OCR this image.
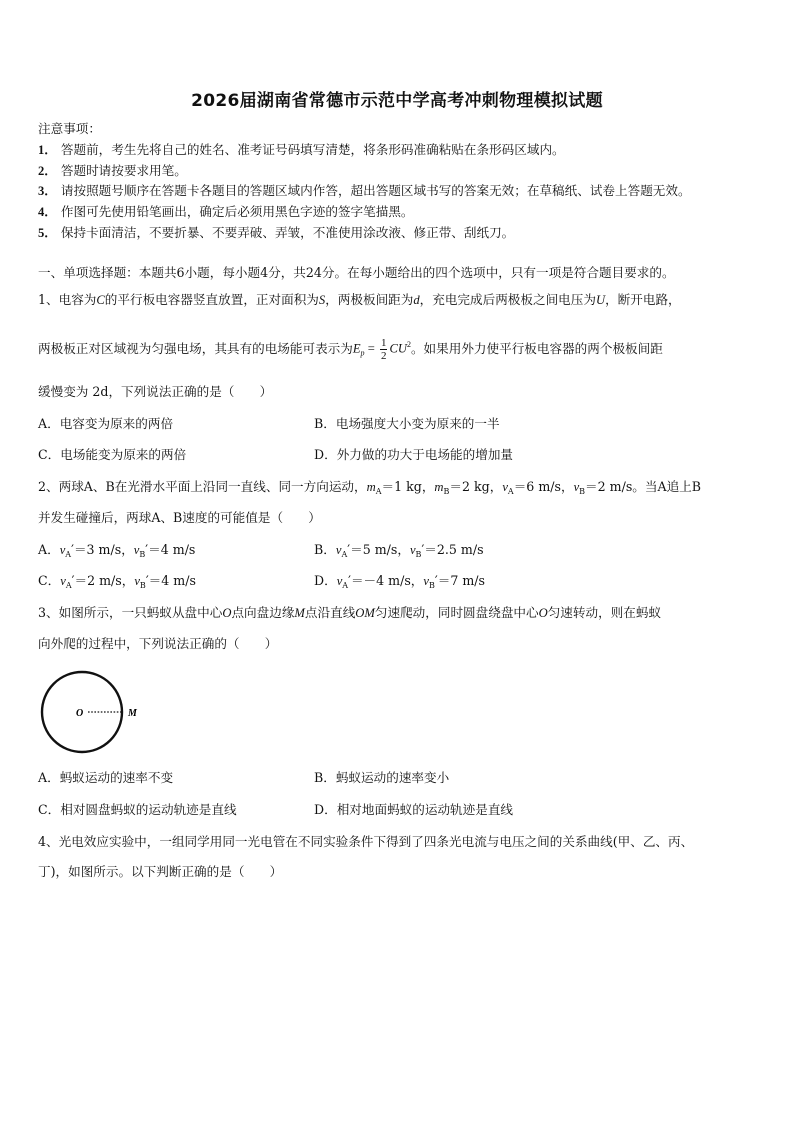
2026届湖南省常德市示范中学高考冲刺物理模拟试题
注意事项：
1． 答题前，考生先将自己的姓名、准考证号码填写清楚，将条形码准确粘贴在条形码区域内。
2． 答题时请按要求用笔。
3． 请按照题号顺序在答题卡各题目的答题区域内作答，超出答题区域书写的答案无效；在草稿纸、试卷上答题无效。
4． 作图可先使用铅笔画出，确定后必须用黑色字迹的签字笔描黑。
5． 保持卡面清洁，不要折暴、不要弄破、弄皱，不准使用涂改液、修正带、刮纸刀。
一、单项选择题：本题共6小题，每小题4分，共24分。在每小题给出的四个选项中，只有一项是符合题目要求的。
1、电容为C的平行板电容器竖直放置，正对面积为S，两极板间距为d，充电完成后两极板之间电压为U，断开电路，
两极板正对区域视为匀强电场，其具有的电场能可表示为$E_p = \frac{1}{2} CU^2$。如果用外力使平行板电容器的两个极板间距
缓慢变为 2d，下列说法正确的是（　　）
A．电容变为原来的两倍	B．电场强度大小变为原来的一半
C．电场能变为原来的两倍	D．外力做的功大于电场能的增加量
2、两球A、B在光滑水平面上沿同一直线、同一方向运动，$m_A=1$ kg，$m_B=2$ kg，$v_A=6$ m/s，$v_B=2$ m/s。当A追上B
并发生碰撞后，两球A、B速度的可能值是（　　）
A．$v_A'=3$ m/s，$v_B'=4$ m/s	B．$v_A'=5$ m/s，$v_B'=2.5$ m/s
C．$v_A'=2$ m/s，$v_B'=4$ m/s	D．$v_A'=-4$ m/s，$v_B'=7$ m/s
3、如图所示，一只蚂蚁从盘中心O点向盘边缘M点沿直线OM匀速爬动，同时圆盘绕盘中心O匀速转动，则在蚂蚁
向外爬的过程中，下列说法正确的（　　）
O	M
A．蚂蚁运动的速率不变	B．蚂蚁运动的速率变小
C．相对圆盘蚂蚁的运动轨迹是直线	D．相对地面蚂蚁的运动轨迹是直线
4、光电效应实验中，一组同学用同一光电管在不同实验条件下得到了四条光电流与电压之间的关系曲线(甲、乙、丙、
丁)，如图所示。以下判断正确的是（　　）
